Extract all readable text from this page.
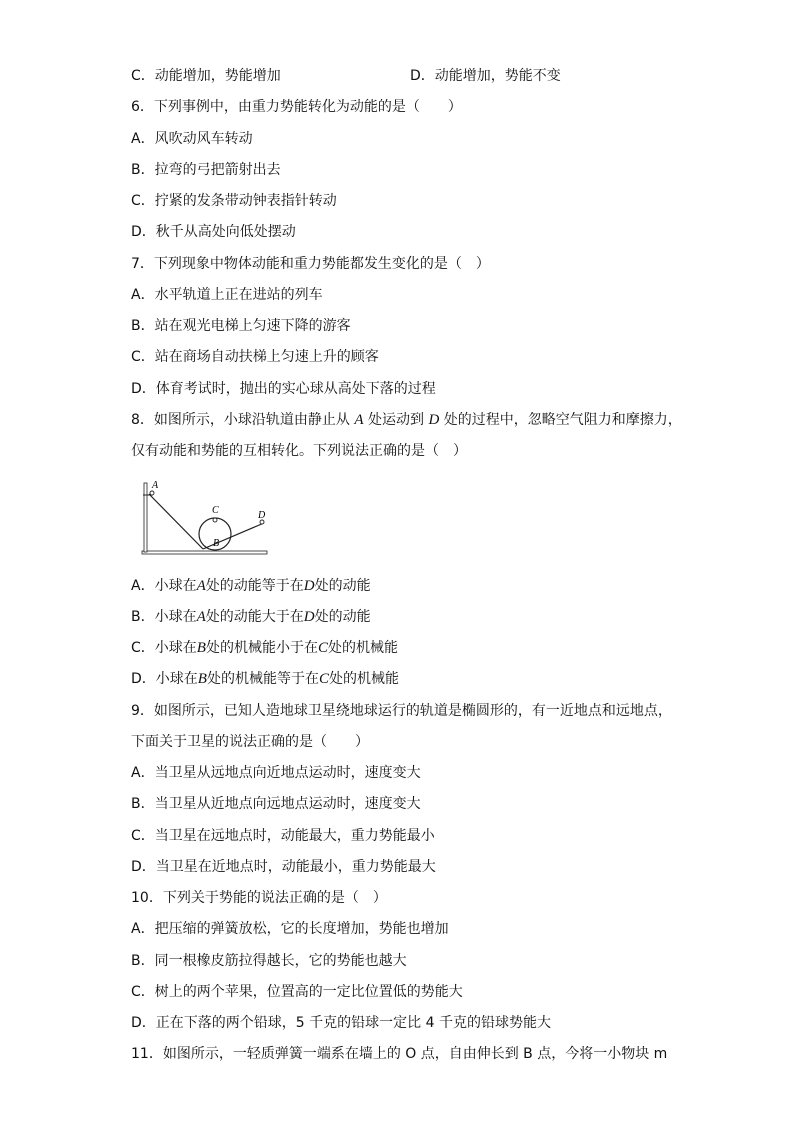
C．动能增加，势能增加	D．动能增加，势能不变
6．下列事例中，由重力势能转化为动能的是（　　）
A．风吹动风车转动
B．拉弯的弓把箭射出去
C．拧紧的发条带动钟表指针转动
D．秋千从高处向低处摆动
7．下列现象中物体动能和重力势能都发生变化的是（　）
A．水平轨道上正在进站的列车
B．站在观光电梯上匀速下降的游客
C．站在商场自动扶梯上匀速上升的顾客
D．体育考试时，抛出的实心球从高处下落的过程
8．如图所示，小球沿轨道由静止从 A 处运动到 D 处的过程中，忽略空气阻力和摩擦力，
仅有动能和势能的互相转化。下列说法正确的是（　）
A
C
B
D
A．小球在A处的动能等于在D处的动能
B．小球在A处的动能大于在D处的动能
C．小球在B处的机械能小于在C处的机械能
D．小球在B处的机械能等于在C处的机械能
9．如图所示，已知人造地球卫星绕地球运行的轨道是椭圆形的，有一近地点和远地点，
下面关于卫星的说法正确的是（　　）
A．当卫星从远地点向近地点运动时，速度变大
B．当卫星从近地点向远地点运动时，速度变大
C．当卫星在远地点时，动能最大，重力势能最小
D．当卫星在近地点时，动能最小，重力势能最大
10．下列关于势能的说法正确的是（　）
A．把压缩的弹簧放松，它的长度增加，势能也增加
B．同一根橡皮筋拉得越长，它的势能也越大
C．树上的两个苹果，位置高的一定比位置低的势能大
D．正在下落的两个铅球，5 千克的铅球一定比 4 千克的铅球势能大
11．如图所示，一轻质弹簧一端系在墙上的 O 点，自由伸长到 B 点，今将一小物块 m
